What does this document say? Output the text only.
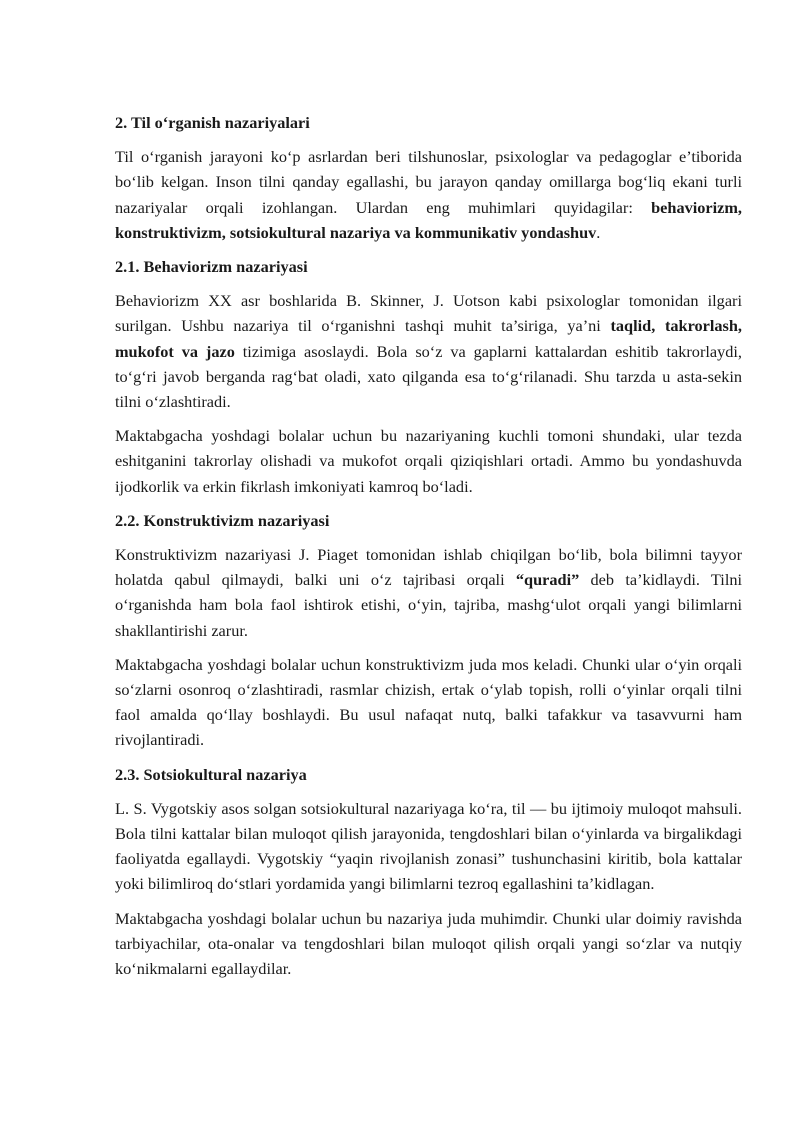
2. Til o‘rganish nazariyalari

Til o‘rganish jarayoni ko‘p asrlardan beri tilshunoslar, psixologlar va pedagoglar e’tiborida bo‘lib kelgan. Inson tilni qanday egallashi, bu jarayon qanday omillarga bog‘liq ekani turli nazariyalar orqali izohlangan. Ulardan eng muhimlari quyidagilar: behaviorizm, konstruktivizm, sotsiokultural nazariya va kommunikativ yondashuv.

2.1. Behaviorizm nazariyasi

Behaviorizm XX asr boshlarida B. Skinner, J. Uotson kabi psixologlar tomonidan ilgari surilgan. Ushbu nazariya til o‘rganishni tashqi muhit ta’siriga, ya’ni taqlid, takrorlash, mukofot va jazo tizimiga asoslaydi. Bola so‘z va gaplarni kattalardan eshitib takrorlaydi, to‘g‘ri javob berganda rag‘bat oladi, xato qilganda esa to‘g‘rilanadi. Shu tarzda u asta-sekin tilni o‘zlashtiradi.

Maktabgacha yoshdagi bolalar uchun bu nazariyaning kuchli tomoni shundaki, ular tezda eshitganini takrorlay olishadi va mukofot orqali qiziqishlari ortadi. Ammo bu yondashuvda ijodkorlik va erkin fikrlash imkoniyati kamroq bo‘ladi.

2.2. Konstruktivizm nazariyasi

Konstruktivizm nazariyasi J. Piaget tomonidan ishlab chiqilgan bo‘lib, bola bilimni tayyor holatda qabul qilmaydi, balki uni o‘z tajribasi orqali “quradi” deb ta’kidlaydi. Tilni o‘rganishda ham bola faol ishtirok etishi, o‘yin, tajriba, mashg‘ulot orqali yangi bilimlarni shakllantirishi zarur.

Maktabgacha yoshdagi bolalar uchun konstruktivizm juda mos keladi. Chunki ular o‘yin orqali so‘zlarni osonroq o‘zlashtiradi, rasmlar chizish, ertak o‘ylab topish, rolli o‘yinlar orqali tilni faol amalda qo‘llay boshlaydi. Bu usul nafaqat nutq, balki tafakkur va tasavvurni ham rivojlantiradi.

2.3. Sotsiokultural nazariya

L. S. Vygotskiy asos solgan sotsiokultural nazariyaga ko‘ra, til — bu ijtimoiy muloqot mahsuli. Bola tilni kattalar bilan muloqot qilish jarayonida, tengdoshlari bilan o‘yinlarda va birgalikdagi faoliyatda egallaydi. Vygotskiy “yaqin rivojlanish zonasi” tushunchasini kiritib, bola kattalar yoki bilimliroq do‘stlari yordamida yangi bilimlarni tezroq egallashini ta’kidlagan.

Maktabgacha yoshdagi bolalar uchun bu nazariya juda muhimdir. Chunki ular doimiy ravishda tarbiyachilar, ota-onalar va tengdoshlari bilan muloqot qilish orqali yangi so‘zlar va nutqiy ko‘nikmalarni egallaydilar.
